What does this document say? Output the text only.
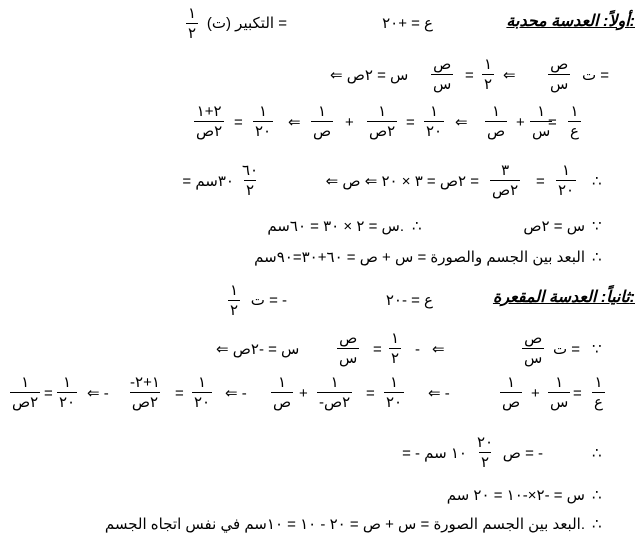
أولاً: العدسة محدبة:
ع = +٢٠
التكبير (ت) =
١
٢
ت =
ص
س
⇐
١
٢
=
ص
س
⇐ س = ٢ص
١
ع
=
١
س
+
١
ص
⇐
١
٢٠
=
١
٢ص
+
١
ص
⇐
١
٢٠
=
٢+١
٢ص
∴
١
٢٠
=
٣
٢ص
⇐ ٢ص = ٣ × ٢٠ ⇐ ص =
٦٠
٢
= ٣٠سم
∵
س = ٢ص
∴
س = ٢ × ٣٠ = ٦٠سم.
∴
البعد بين الجسم والصورة = س + ص = ٦٠+٣٠=٩٠سم
ثانياً: العدسة المقعرة:
ع = -٢٠
ت = -
١
٢
∵
ت =
ص
س
⇐
-
١
٢
=
ص
س
⇐ س = -٢ص
١
ع
=
١
س
+
١
ص
⇐ -
١
٢٠
=
١
-٢ص
+
١
ص
⇐ -
١
٢٠
=
-١+٢
٢ص
⇐ -
١
٢٠
=
١
٢ص
∴
ص = -
٢٠
٢
= - ١٠ سم
∴
س = -٢×-١٠ = ٢٠ سم
∴
البعد بين الجسم الصورة = س + ص = ٢٠ - ١٠ = ١٠سم في نفس اتجاه الجسم.
